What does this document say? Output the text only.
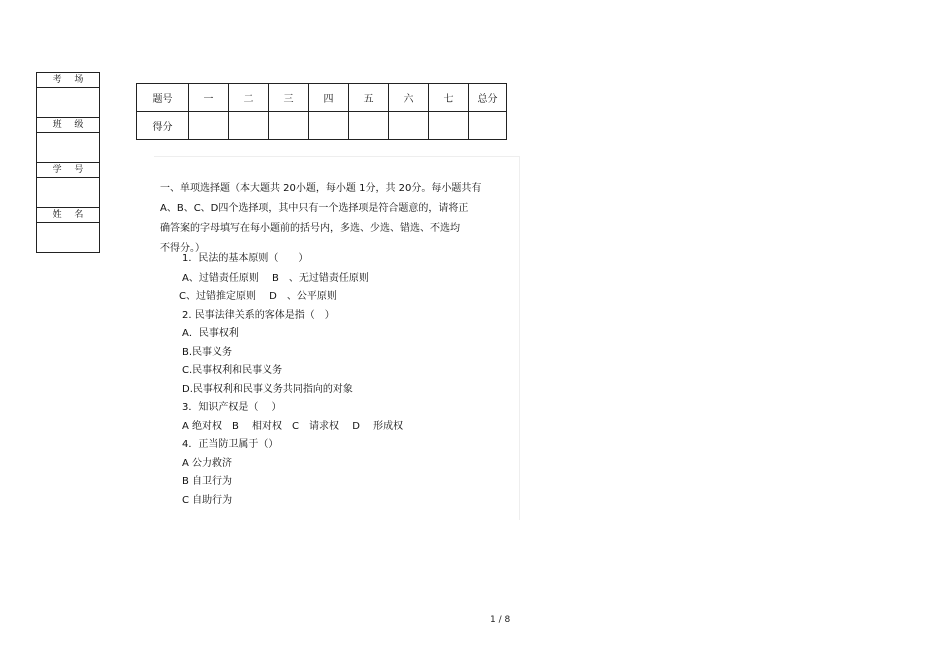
考 场
班 级
学 号
姓 名
题号	一	二	三	四	五	六	七	总分
得分								

一、单项选择题（本大题共 20小题，每小题 1分，共 20分。每小题共有
A、B、C、D四个选择项，其中只有一个选择项是符合题意的，请将正
确答案的字母填写在每小题前的括号内，多选、少选、错选、不选均
不得分。）

1．民法的基本原则（　　）
A、过错责任原则　 B　、无过错责任原则
C、过错推定原则　 D　、公平原则
2. 民事法律关系的客体是指（　）
A．民事权利
B.民事义务
C.民事权利和民事义务
D.民事权利和民事义务共同指向的对象
3．知识产权是（　 ）
A 绝对权　B　 相对权　C　请求权　 D　 形成权
4．正当防卫属于（）
A 公力救济
B 自卫行为
C 自助行为
1 / 8
